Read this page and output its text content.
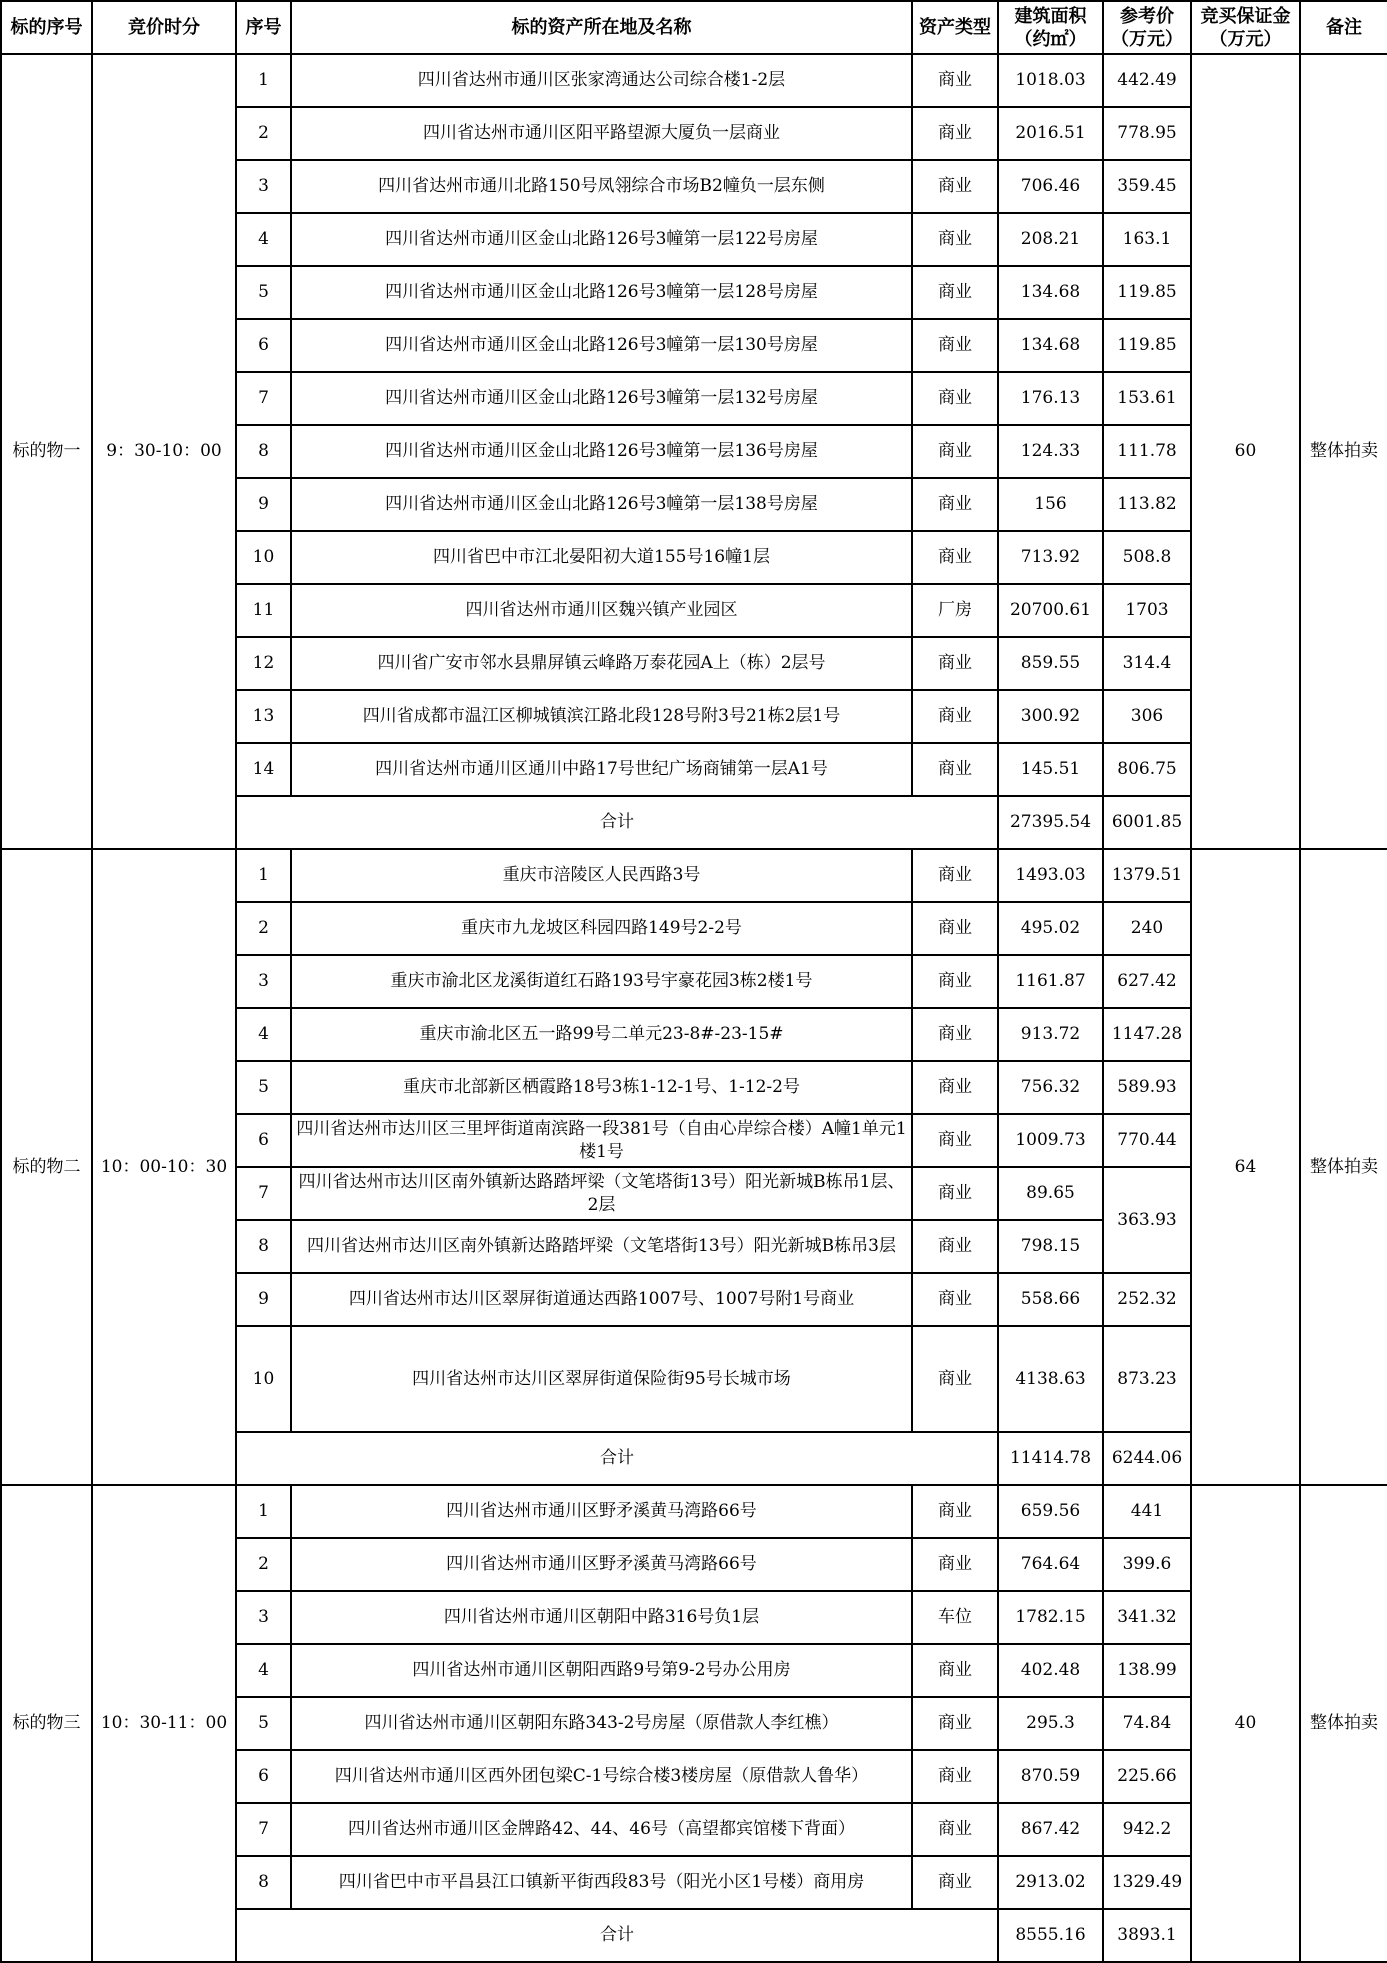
标的序号	竞价时分	序号	标的资产所在地及名称	资产类型	建筑面积（约㎡）	参考价（万元）	竞买保证金（万元）	备注
标的物一	9：30-10：00	1	四川省达州市通川区张家湾通达公司综合楼1-2层	商业	1018.03	442.49	60	整体拍卖
		2	四川省达州市通川区阳平路望源大厦负一层商业	商业	2016.51	778.95		
		3	四川省达州市通川北路150号凤翎综合市场B2幢负一层东侧	商业	706.46	359.45		
		4	四川省达州市通川区金山北路126号3幢第一层122号房屋	商业	208.21	163.1		
		5	四川省达州市通川区金山北路126号3幢第一层128号房屋	商业	134.68	119.85		
		6	四川省达州市通川区金山北路126号3幢第一层130号房屋	商业	134.68	119.85		
		7	四川省达州市通川区金山北路126号3幢第一层132号房屋	商业	176.13	153.61		
		8	四川省达州市通川区金山北路126号3幢第一层136号房屋	商业	124.33	111.78		
		9	四川省达州市通川区金山北路126号3幢第一层138号房屋	商业	156	113.82		
		10	四川省巴中市江北晏阳初大道155号16幢1层	商业	713.92	508.8		
		11	四川省达州市通川区魏兴镇产业园区	厂房	20700.61	1703		
		12	四川省广安市邻水县鼎屏镇云峰路万泰花园A上（栋）2层号	商业	859.55	314.4		
		13	四川省成都市温江区柳城镇滨江路北段128号附3号21栋2层1号	商业	300.92	306		
		14	四川省达州市通川区通川中路17号世纪广场商铺第一层A1号	商业	145.51	806.75		
		合计			27395.54	6001.85		
标的物二	10：00-10：30	1	重庆市涪陵区人民西路3号	商业	1493.03	1379.51	64	整体拍卖
		2	重庆市九龙坡区科园四路149号2-2号	商业	495.02	240		
		3	重庆市渝北区龙溪街道红石路193号宇豪花园3栋2楼1号	商业	1161.87	627.42		
		4	重庆市渝北区五一路99号二单元23-8#-23-15#	商业	913.72	1147.28		
		5	重庆市北部新区栖霞路18号3栋1-12-1号、1-12-2号	商业	756.32	589.93		
		6	四川省达州市达川区三里坪街道南滨路一段381号（自由心岸综合楼）A幢1单元1楼1号	商业	1009.73	770.44		
		7	四川省达州市达川区南外镇新达路踏坪梁（文笔塔街13号）阳光新城B栋吊1层、2层	商业	89.65	363.93		
		8	四川省达州市达川区南外镇新达路踏坪梁（文笔塔街13号）阳光新城B栋吊3层	商业	798.15			
		9	四川省达州市达川区翠屏街道通达西路1007号、1007号附1号商业	商业	558.66	252.32		
		10	四川省达州市达川区翠屏街道保险街95号长城市场	商业	4138.63	873.23		
		合计			11414.78	6244.06		
标的物三	10：30-11：00	1	四川省达州市通川区野矛溪黄马湾路66号	商业	659.56	441	40	整体拍卖
		2	四川省达州市通川区野矛溪黄马湾路66号	商业	764.64	399.6		
		3	四川省达州市通川区朝阳中路316号负1层	车位	1782.15	341.32		
		4	四川省达州市通川区朝阳西路9号第9-2号办公用房	商业	402.48	138.99		
		5	四川省达州市通川区朝阳东路343-2号房屋（原借款人李红樵）	商业	295.3	74.84		
		6	四川省达州市通川区西外团包梁C-1号综合楼3楼房屋（原借款人鲁华）	商业	870.59	225.66		
		7	四川省达州市通川区金牌路42、44、46号（高望都宾馆楼下背面）	商业	867.42	942.2		
		8	四川省巴中市平昌县江口镇新平街西段83号（阳光小区1号楼）商用房	商业	2913.02	1329.49		
		合计			8555.16	3893.1		
